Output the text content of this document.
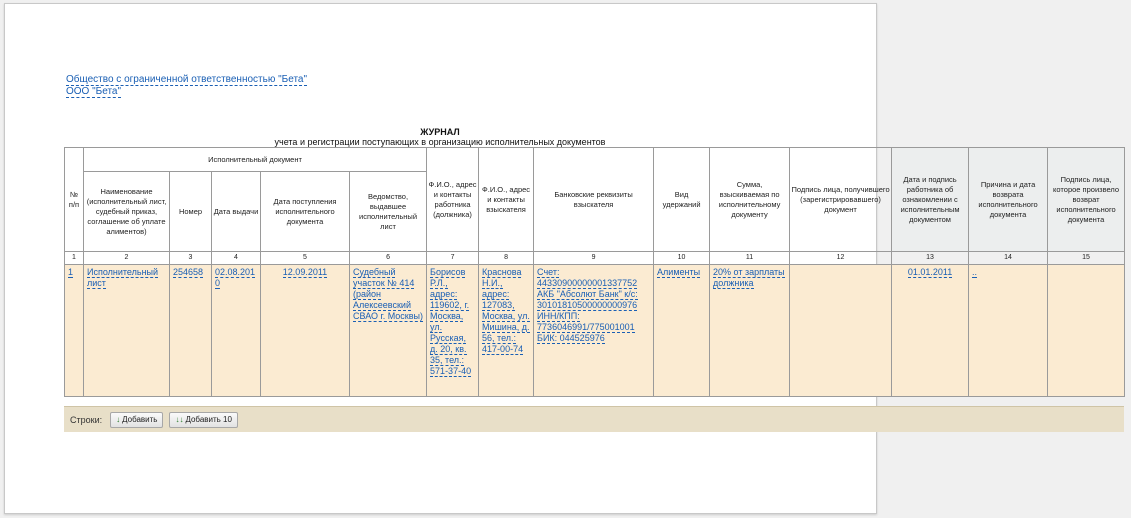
Общество с ограниченной ответственностью "Бета"
ООО "Бета"
ЖУРНАЛ
учета и регистрации поступающих в организацию исполнительных документов
№ п/п	Исполнительный документ					Ф.И.О., адрес и контакты работника (должника)	Ф.И.О., адрес и контакты взыскателя	Банковские реквизиты взыскателя	Вид удержаний	Сумма, взыскиваемая по исполнительному документу	Подпись лица, получившего (зарегистрировавшего) документ	Дата и подпись работника об ознакомлении с исполнительным документом	Причина и дата возврата исполнительного документа	Подпись лица, которое произвело возврат исполнительного документа
	Наименование (исполнительный лист, судебный приказ, соглашение об уплате алиментов)	Номер	Дата выдачи	Дата поступления исполнительного документа	Ведомство, выдавшее исполнительный лист									
1	2	3	4	5	6	7	8	9	10	11	12	13	14	15
1	Исполнительный лист	254658	02.08.2010	12.09.2011	Судебный участок № 414 (район Алексеевский СВАО г. Москвы)	Борисов Р.Л., адрес: 119602, г. Москва, ул. Русская, д. 20, кв. 35, тел.: 571-37-40	Краснова Н.И., адрес: 127083, Москва, ул. Мишина, д. 56, тел.: 417-00-74	Счет: 44330900000001337752 АКБ "Абсолют Банк" к/с: 30101810500000000976 ИНН/КПП: 7736046991/775001001 БИК: 044525976	Алименты	20% от зарплаты должника		01.01.2011	..	
Строки: ↓ Добавить ↓↓ Добавить 10
